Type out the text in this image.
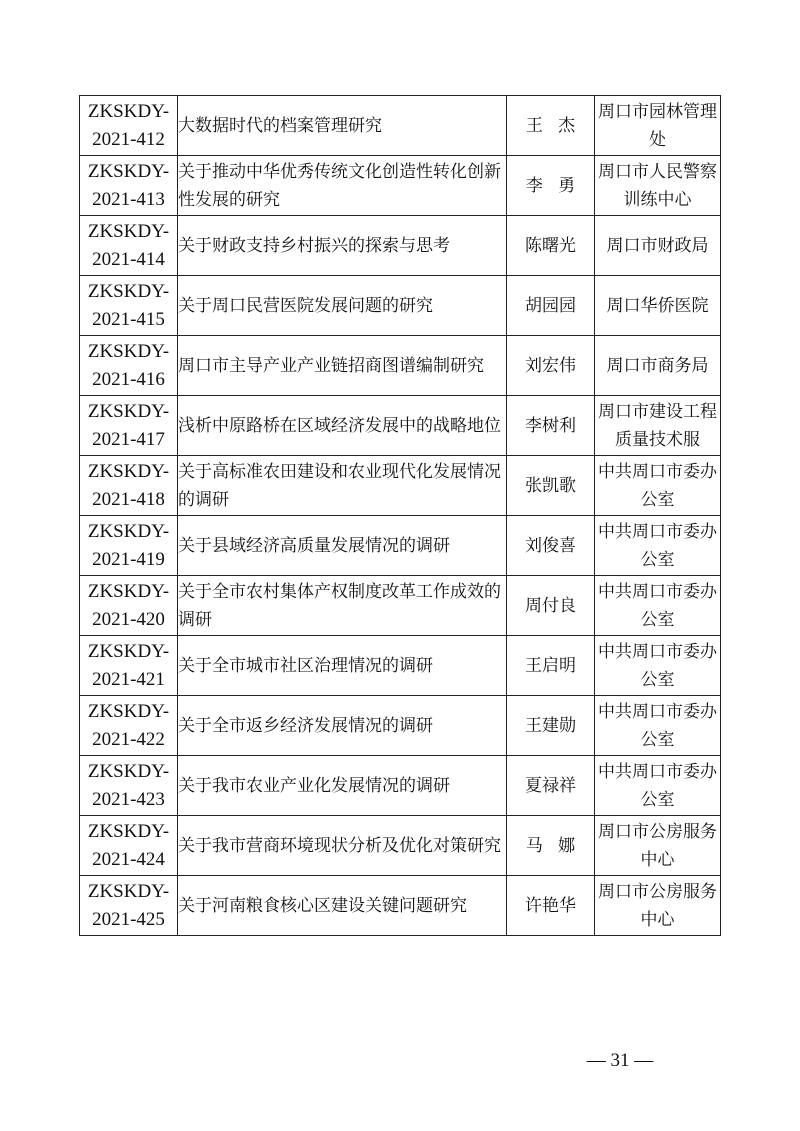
ZKSKDY-
2021-412	大数据时代的档案管理研究	王杰	周口市园林管理处

ZKSKDY-
2021-413	关于推动中华优秀传统文化创造性转化创新性发展的研究	李勇	周口市人民警察训练中心

ZKSKDY-
2021-414	关于财政支持乡村振兴的探索与思考	陈曙光	周口市财政局

ZKSKDY-
2021-415	关于周口民营医院发展问题的研究	胡园园	周口华侨医院

ZKSKDY-
2021-416	周口市主导产业产业链招商图谱编制研究	刘宏伟	周口市商务局

ZKSKDY-
2021-417	浅析中原路桥在区域经济发展中的战略地位	李树利	周口市建设工程质量技术服

ZKSKDY-
2021-418	关于高标准农田建设和农业现代化发展情况的调研	张凯歌	中共周口市委办公室

ZKSKDY-
2021-419	关于县域经济高质量发展情况的调研	刘俊喜	中共周口市委办公室

ZKSKDY-
2021-420	关于全市农村集体产权制度改革工作成效的调研	周付良	中共周口市委办公室

ZKSKDY-
2021-421	关于全市城市社区治理情况的调研	王启明	中共周口市委办公室

ZKSKDY-
2021-422	关于全市返乡经济发展情况的调研	王建勋	中共周口市委办公室

ZKSKDY-
2021-423	关于我市农业产业化发展情况的调研	夏禄祥	中共周口市委办公室

ZKSKDY-
2021-424	关于我市营商环境现状分析及优化对策研究	马娜	周口市公房服务中心

ZKSKDY-
2021-425	关于河南粮食核心区建设关键问题研究	许艳华	周口市公房服务中心
— 31 —
